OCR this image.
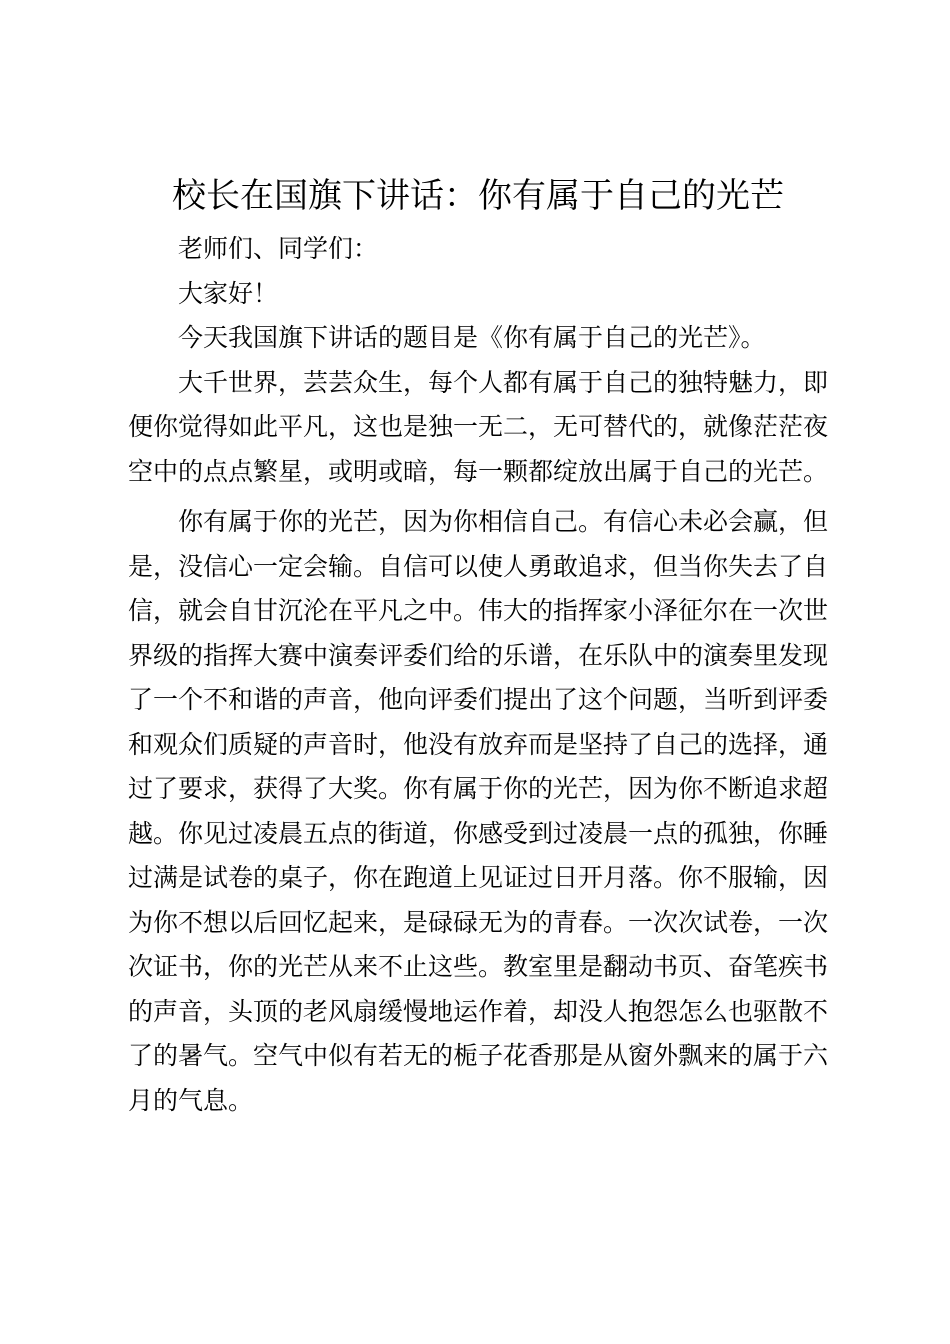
校长在国旗下讲话：你有属于自己的光芒

老师们、同学们：

大家好！

今天我国旗下讲话的题目是《你有属于自己的光芒》。

大千世界，芸芸众生，每个人都有属于自己的独特魅力，即便你觉得如此平凡，这也是独一无二，无可替代的，就像茫茫夜空中的点点繁星，或明或暗，每一颗都绽放出属于自己的光芒。

你有属于你的光芒，因为你相信自己。有信心未必会赢，但是，没信心一定会输。自信可以使人勇敢追求，但当你失去了自信，就会自甘沉沦在平凡之中。伟大的指挥家小泽征尔在一次世界级的指挥大赛中演奏评委们给的乐谱，在乐队中的演奏里发现了一个不和谐的声音，他向评委们提出了这个问题，当听到评委和观众们质疑的声音时，他没有放弃而是坚持了自己的选择，通过了要求，获得了大奖。你有属于你的光芒，因为你不断追求超越。你见过凌晨五点的街道，你感受到过凌晨一点的孤独，你睡过满是试卷的桌子，你在跑道上见证过日开月落。你不服输，因为你不想以后回忆起来，是碌碌无为的青春。一次次试卷，一次次证书，你的光芒从来不止这些。教室里是翻动书页、奋笔疾书的声音，头顶的老风扇缓慢地运作着，却没人抱怨怎么也驱散不了的暑气。空气中似有若无的栀子花香那是从窗外飘来的属于六月的气息。
